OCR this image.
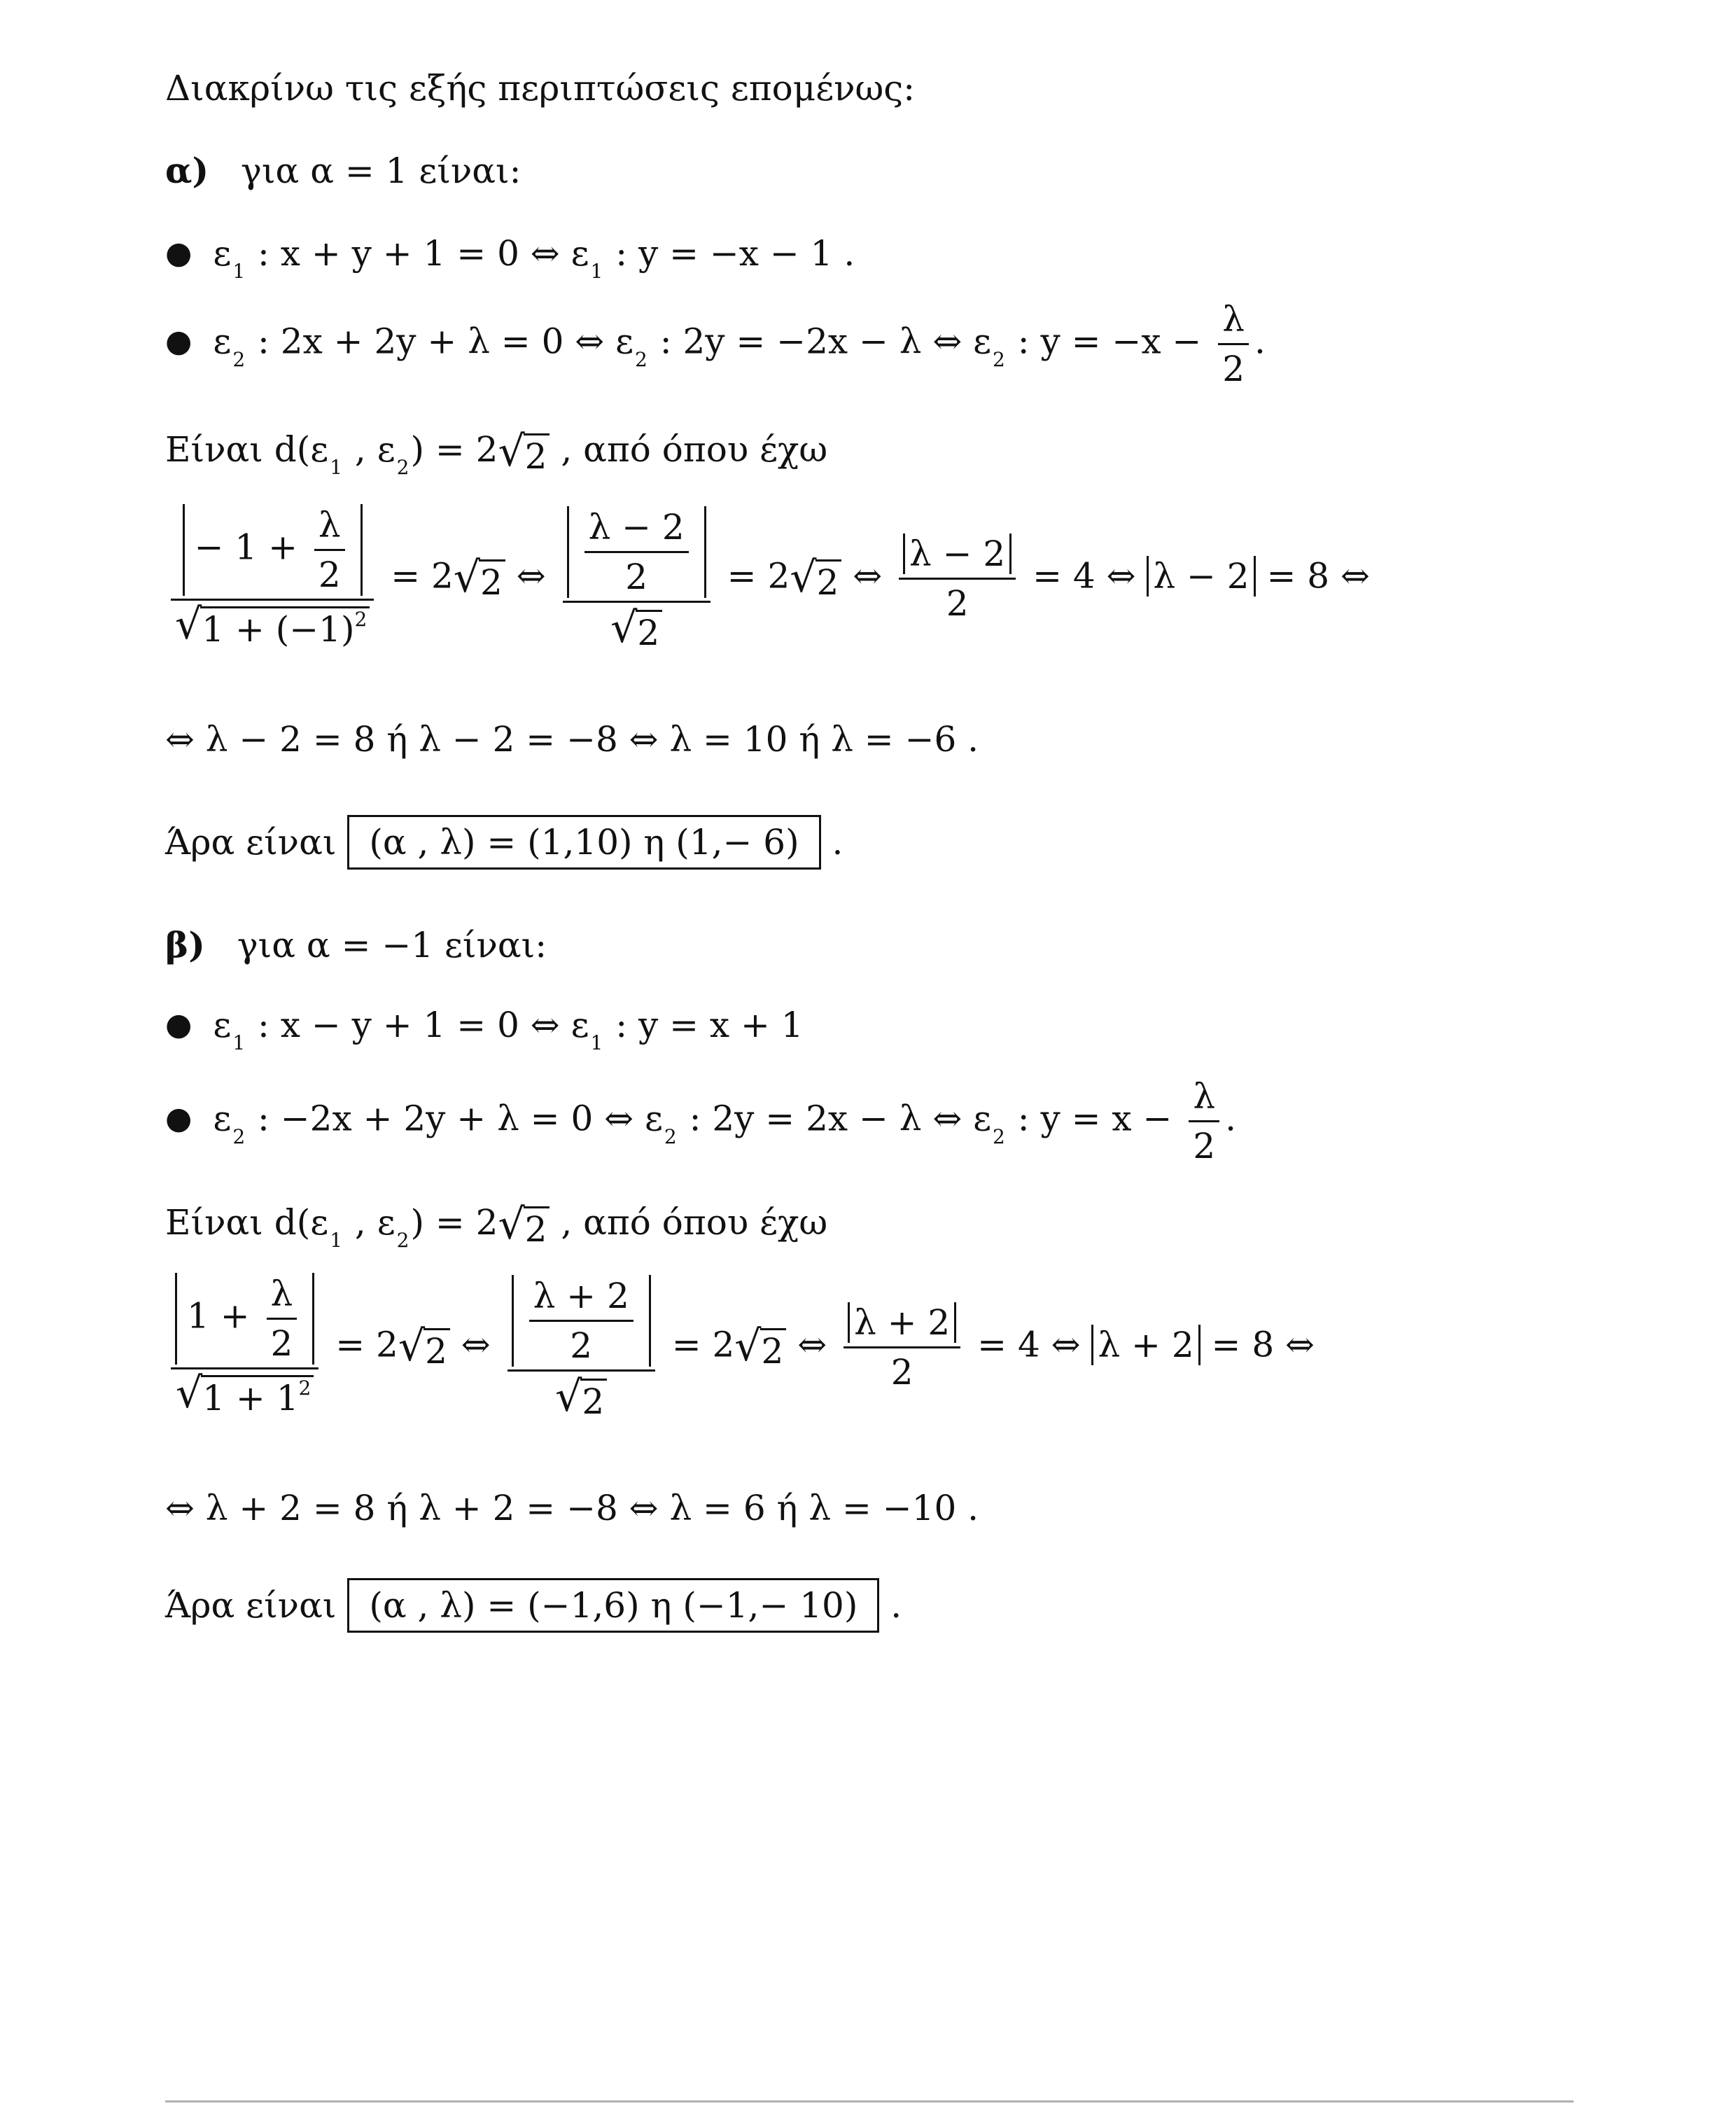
Διακρίνω τις εξής περιπτώσεις επομένως:
α) για α = 1 είναι:
● $\varepsilon_1$ : x + y + 1 = 0 ⇔ $\varepsilon_1$ : y = −x − 1 .
● $\varepsilon_2$ : 2x + 2y + λ = 0 ⇔ $\varepsilon_2$ : 2y = −2x − λ ⇔ $\varepsilon_2$ : $y = -x - \frac{\lambda}{2}$ .
Είναι $d(\varepsilon_1$ , $\varepsilon_2) = 2√2$ , από όπου έχω
$\frac{- 1 + \frac{\lambda}{2}}{√1 + (-1)^2} = 2√2$ ⇔ $\frac{\frac{\lambda - 2}{2}}{√2} = 2√2$ ⇔ $\frac{\lambda - 2}{2} = 4$ ⇔ λ − 2 = 8 ⇔
⇔ λ − 2 = 8 ή λ − 2 = −8 ⇔ λ = 10 ή λ = −6 .
Άρα είναι (α , λ) = (1,10) η (1,− 6) .
β) για α = −1 είναι:
● $\varepsilon_1$ : x − y + 1 = 0 ⇔ $\varepsilon_1$ : y = x + 1
● $\varepsilon_2$ : −2x + 2y + λ = 0 ⇔ $\varepsilon_2$ : 2y = 2x − λ ⇔ $\varepsilon_2$ : $y = x - \frac{\lambda}{2}$ .
Είναι $d(\varepsilon_1$ , $\varepsilon_2) = 2√2$ , από όπου έχω
$\frac{1 + \frac{\lambda}{2}}{√1 + 1^2} = 2√2$ ⇔ $\frac{\frac{\lambda + 2}{2}}{√2} = 2√2$ ⇔ $\frac{\lambda + 2}{2} = 4$ ⇔ λ + 2 = 8 ⇔
⇔ λ + 2 = 8 ή λ + 2 = −8 ⇔ λ = 6 ή λ = −10 .
Άρα είναι (α , λ) = (−1,6) η (−1,− 10) .
